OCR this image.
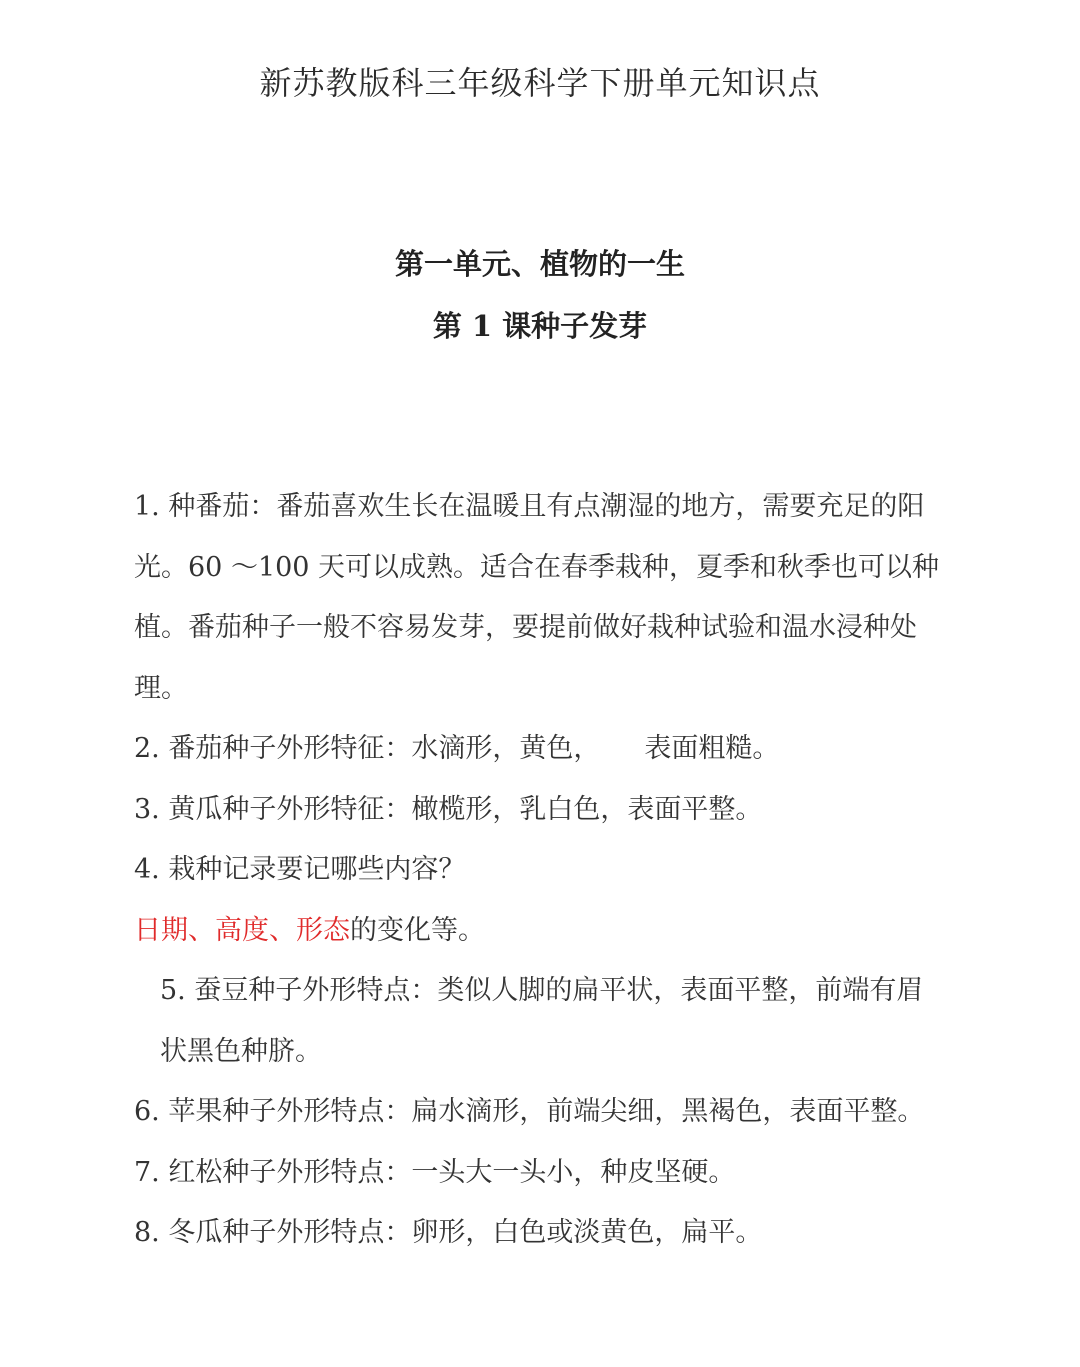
新苏教版科三年级科学下册单元知识点
第一单元、植物的一生
第 1 课种子发芽

1. 种番茄：番茄喜欢生长在温暖且有点潮湿的地方，需要充足的阳光。60 ～100 天可以成熟。适合在春季栽种，夏季和秋季也可以种植。番茄种子一般不容易发芽，要提前做好栽种试验和温水浸种处理。

2. 番茄种子外形特征：水滴形，黄色， 表面粗糙。

3. 黄瓜种子外形特征：橄榄形，乳白色，表面平整。

4. 栽种记录要记哪些内容？

日期、高度、形态的变化等。

5. 蚕豆种子外形特点：类似人脚的扁平状，表面平整，前端有眉状黑色种脐。

6. 苹果种子外形特点：扁水滴形，前端尖细，黑褐色，表面平整。

7. 红松种子外形特点：一头大一头小，种皮坚硬。

8. 冬瓜种子外形特点：卵形，白色或淡黄色，扁平。
